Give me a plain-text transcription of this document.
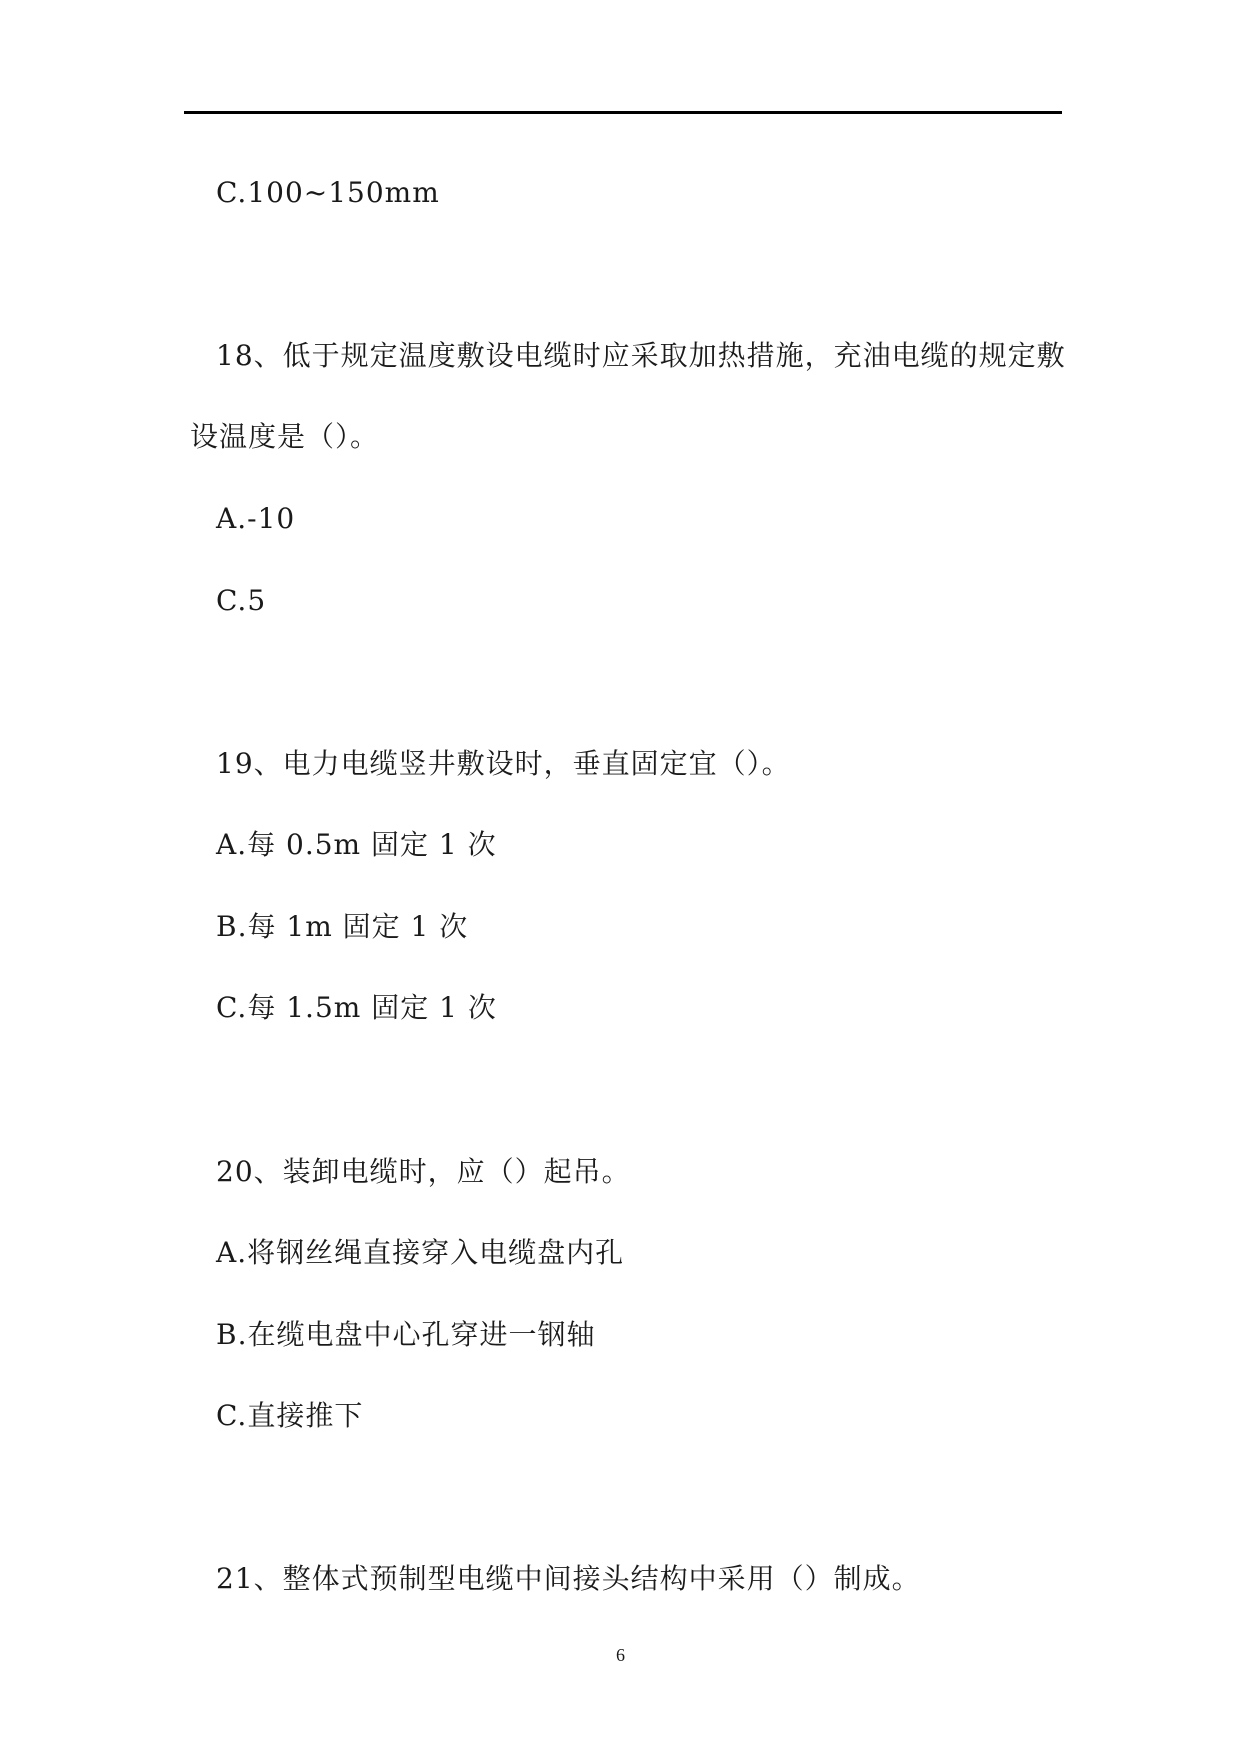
C.100~150mm
18、低于规定温度敷设电缆时应采取加热措施，充油电缆的规定敷
设温度是（）。
A.-10
C.5
19、电力电缆竖井敷设时，垂直固定宜（）。
A.每 0.5m 固定 1 次
B.每 1m 固定 1 次
C.每 1.5m 固定 1 次
20、装卸电缆时，应（）起吊。
A.将钢丝绳直接穿入电缆盘内孔
B.在缆电盘中心孔穿进一钢轴
C.直接推下
21、整体式预制型电缆中间接头结构中采用（）制成。
6
